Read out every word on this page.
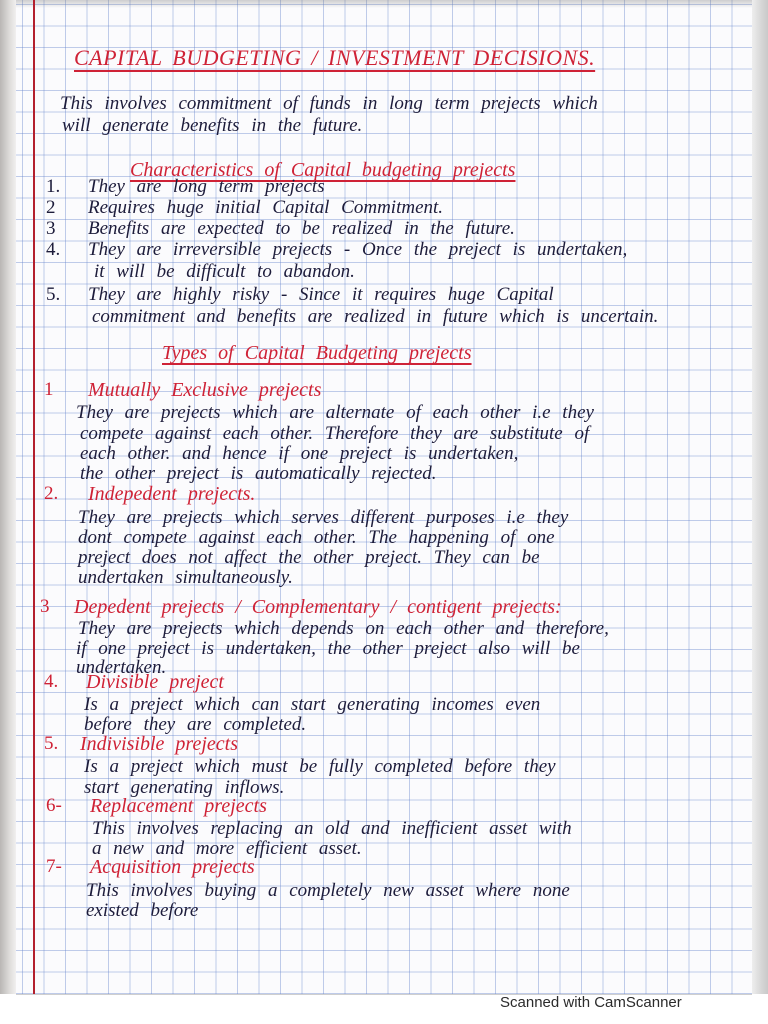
CAPITAL BUDGETING / INVESTMENT DECISIONS.
This involves commitment of funds in long term prejects which
will generate benefits in the future.
Characteristics of Capital budgeting prejects
1. They are long term prejects
2 Requires huge initial Capital Commitment.
3 Benefits are expected to be realized in the future.
4. They are irreversible prejects - Once the preject is undertaken,
it will be difficult to abandon.
5. They are highly risky - Since it requires huge Capital
commitment and benefits are realized in future which is uncertain.
Types of Capital Budgeting prejects
1 Mutually Exclusive prejects
They are prejects which are alternate of each other i.e they
compete against each other. Therefore they are substitute of
each other. and hence if one preject is undertaken,
the other preject is automatically rejected.
2. Indepedent prejects.
They are prejects which serves different purposes i.e they
dont compete against each other. The happening of one
preject does not affect the other preject. They can be
undertaken simultaneously.
3 Depedent prejects / Complementary / contigent prejects:
They are prejects which depends on each other and therefore,
if one preject is undertaken, the other preject also will be
undertaken.
4. Divisible preject
Is a preject which can start generating incomes even
before they are completed.
5. Indivisible prejects
Is a preject which must be fully completed before they
start generating inflows.
6- Replacement prejects
This involves replacing an old and inefficient asset with
a new and more efficient asset.
7- Acquisition prejects
This involves buying a completely new asset where none
existed before
Scanned with CamScanner
